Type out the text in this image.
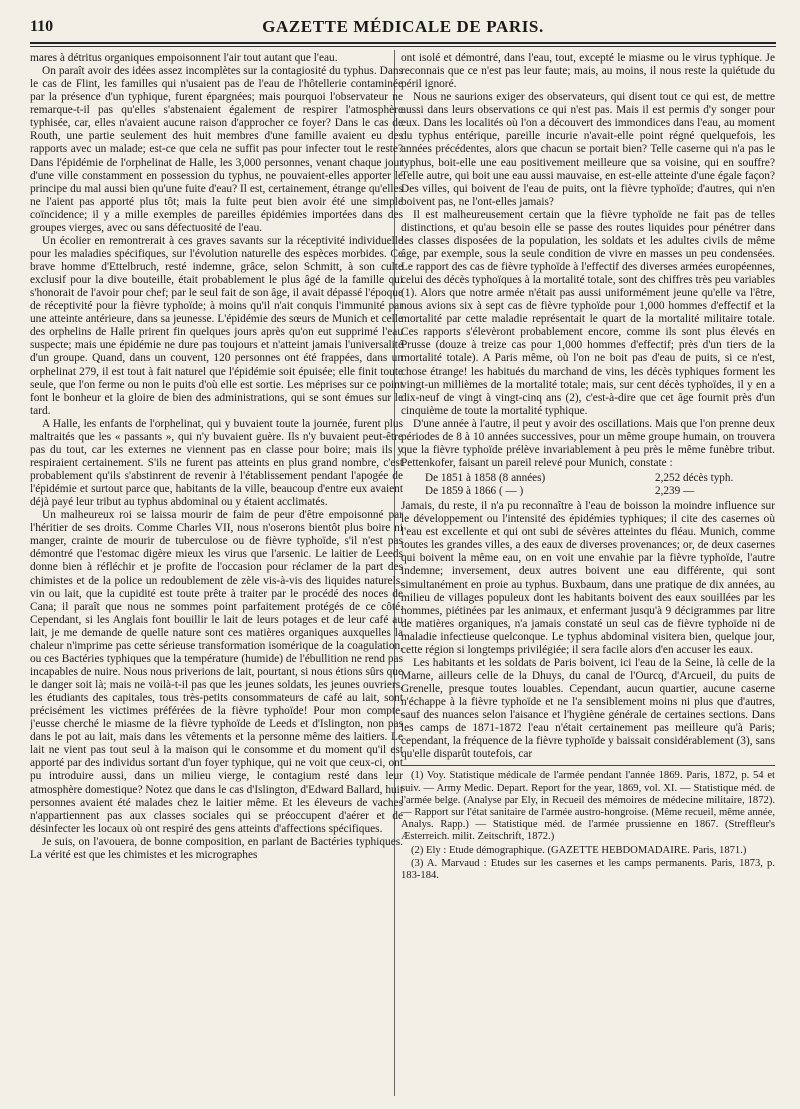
110	GAZETTE MÉDICALE DE PARIS.

mares à détritus organiques empoisonnent l'air tout autant que l'eau.

On paraît avoir des idées assez incomplètes sur la contagiosité du typhus. Dans le cas de Flint, les familles qui n'usaient pas de l'eau de l'hôtellerie contaminée par la présence d'un typhique, furent épargnées; mais pourquoi l'observateur ne remarque-t-il pas qu'elles s'abstenaient également de respirer l'atmosphère typhisée, car, elles n'avaient aucune raison d'approcher ce foyer? Dans le cas de Routh, une partie seulement des huit membres d'une famille avaient eu des rapports avec un malade; est-ce que cela ne suffit pas pour infecter tout le reste? Dans l'épidémie de l'orphelinat de Halle, les 3,000 personnes, venant chaque jour d'une ville constamment en possession du typhus, ne pouvaient-elles apporter le principe du mal aussi bien qu'une fuite d'eau? Il est, certainement, étrange qu'elles ne l'aient pas apporté plus tôt; mais la fuite peut bien avoir été une simple coïncidence; il y a mille exemples de pareilles épidémies importées dans des groupes vierges, avec ou sans défectuosité de l'eau.

Un écolier en remontrerait à ces graves savants sur la réceptivité individuelle pour les maladies spécifiques, sur l'évolution naturelle des espèces morbides. Ce brave homme d'Ettelbruch, resté indemne, grâce, selon Schmitt, à son culte exclusif pour la dive bouteille, était probablement le plus âgé de la famille qui s'honorait de l'avoir pour chef; par le seul fait de son âge, il avait dépassé l'époque de réceptivité pour la fièvre typhoïde; à moins qu'il n'ait conquis l'immunité par une atteinte antérieure, dans sa jeunesse. L'épidémie des sœurs de Munich et celle des orphelins de Halle prirent fin quelques jours après qu'on eut supprimé l'eau suspecte; mais une épidémie ne dure pas toujours et n'atteint jamais l'universalité d'un groupe. Quand, dans un couvent, 120 personnes ont été frappées, dans un orphelinat 279, il est tout à fait naturel que l'épidémie soit épuisée; elle finit toute seule, que l'on ferme ou non le puits d'où elle est sortie. Les méprises sur ce point font le bonheur et la gloire de bien des administrations, qui se sont émues sur le tard.

A Halle, les enfants de l'orphelinat, qui y buvaient toute la journée, furent plus maltraités que les « passants », qui n'y buvaient guère. Ils n'y buvaient peut-être pas du tout, car les externes ne viennent pas en classe pour boire; mais ils y respiraient certainement. S'ils ne furent pas atteints en plus grand nombre, c'est probablement qu'ils s'abstinrent de revenir à l'établissement pendant l'apogée de l'épidémie et surtout parce que, habitants de la ville, beaucoup d'entre eux avaient déjà payé leur tribut au typhus abdominal ou y étaient acclimatés.

Un malheureux roi se laissa mourir de faim de peur d'être empoisonné par l'héritier de ses droits. Comme Charles VII, nous n'oserons bientôt plus boire ni manger, crainte de mourir de tuberculose ou de fièvre typhoïde, s'il n'est pas démontré que l'estomac digère mieux les virus que l'arsenic. Le laitier de Leeds donne bien à réfléchir et je profite de l'occasion pour réclamer de la part des chimistes et de la police un redoublement de zèle vis-à-vis des liquides naturels, vin ou lait, que la cupidité est toute prête à traiter par le procédé des noces de Cana; il paraît que nous ne sommes point parfaitement protégés de ce côté. Cependant, si les Anglais font bouillir le lait de leurs potages et de leur café au lait, je me demande de quelle nature sont ces matières organiques auxquelles la chaleur n'imprime pas cette sérieuse transformation isomérique de la coagulation, ou ces Bactéries typhiques que la température (humide) de l'ébullition ne rend pas incapables de nuire. Nous nous priverions de lait, pourtant, si nous étions sûrs que le danger soit là; mais ne voilà-t-il pas que les jeunes soldats, les jeunes ouvriers, les étudiants des capitales, tous très-petits consommateurs de café au lait, sont précisément les victimes préférées de la fièvre typhoïde! Pour mon compte, j'eusse cherché le miasme de la fièvre typhoïde de Leeds et d'Islington, non pas dans le pot au lait, mais dans les vêtements et la personne même des laitiers. Le lait ne vient pas tout seul à la maison qui le consomme et du moment qu'il est apporté par des individus sortant d'un foyer typhique, qui ne voit que ceux-ci, ont pu introduire aussi, dans un milieu vierge, le contagium resté dans leur atmosphère domestique? Notez que dans le cas d'Islington, d'Edward Ballard, huit personnes avaient été malades chez le laitier même. Et les éleveurs de vaches n'appartiennent pas aux classes sociales qui se préoccupent d'aérer et de désinfecter les locaux où ont respiré des gens atteints d'affections spécifiques.

Je suis, on l'avouera, de bonne composition, en parlant de Bactéries typhiques. La vérité est que les chimistes et les micrographes

ont isolé et démontré, dans l'eau, tout, excepté le miasme ou le virus typhique. Je reconnais que ce n'est pas leur faute; mais, au moins, il nous reste la quiétude du péril ignoré.

Nous ne saurions exiger des observateurs, qui disent tout ce qui est, de mettre aussi dans leurs observations ce qui n'est pas. Mais il est permis d'y songer pour eux. Dans les localités où l'on a découvert des immondices dans l'eau, au moment du typhus entérique, pareille incurie n'avait-elle point régné quelquefois, les années précédentes, alors que chacun se portait bien? Telle caserne qui n'a pas le typhus, boit-elle une eau positivement meilleure que sa voisine, qui en souffre? Telle autre, qui boit une eau aussi mauvaise, en est-elle atteinte d'une égale façon? Des villes, qui boivent de l'eau de puits, ont la fièvre typhoïde; d'autres, qui n'en boivent pas, ne l'ont-elles jamais?

Il est malheureusement certain que la fièvre typhoïde ne fait pas de telles distinctions, et qu'au besoin elle se passe des routes liquides pour pénétrer dans les classes disposées de la population, les soldats et les adultes civils de même âge, par exemple, sous la seule condition de vivre en masses un peu condensées. Le rapport des cas de fièvre typhoïde à l'effectif des diverses armées européennes, celui des décès typhoïques à la mortalité totale, sont des chiffres très peu variables (1). Alors que notre armée n'était pas aussi uniformément jeune qu'elle va l'être, nous avions six à sept cas de fièvre typhoïde pour 1,000 hommes d'effectif et la mortalité par cette maladie représentait le quart de la mortalité militaire totale. Ces rapports s'élevèront probablement encore, comme ils sont plus élevés en Prusse (douze à treize cas pour 1,000 hommes d'effectif; près d'un tiers de la mortalité totale). A Paris même, où l'on ne boit pas d'eau de puits, si ce n'est, chose étrange! les habitués du marchand de vins, les décès typhiques forment les vingt-un millièmes de la mortalité totale; mais, sur cent décès typhoïdes, il y en a dix-neuf de vingt à vingt-cinq ans (2), c'est-à-dire que cet âge fournit près d'un cinquième de toute la mortalité typhique.

D'une année à l'autre, il peut y avoir des oscillations. Mais que l'on prenne deux périodes de 8 à 10 années successives, pour un même groupe humain, on trouvera que la fièvre typhoïde prélève invariablement à peu près le même funèbre tribut. Pettenkofer, faisant un pareil relevé pour Munich, constate :

De 1851 à 1858 (8 années)	2,252 décès typh.
De 1859 à 1866 ( — )	2,239 —

Jamais, du reste, il n'a pu reconnaître à l'eau de boisson la moindre influence sur le développement ou l'intensité des épidémies typhiques; il cite des casernes où l'eau est excellente et qui ont subi de sévères atteintes du fléau. Munich, comme toutes les grandes villes, a des eaux de diverses provenances; or, de deux casernes qui boivent la même eau, on en voit une envahie par la fièvre typhoïde, l'autre indemne; inversement, deux autres boivent une eau différente, qui sont simultanément en proie au typhus. Buxbaum, dans une pratique de dix années, au milieu de villages populeux dont les habitants boivent des eaux souillées par les hommes, piétinées par les animaux, et enfermant jusqu'à 9 décigrammes par litre de matières organiques, n'a jamais constaté un seul cas de fièvre typhoïde ni de maladie infectieuse quelconque. Le typhus abdominal visitera bien, quelque jour, cette région si longtemps privilégiée; il sera facile alors d'en accuser les eaux.

Les habitants et les soldats de Paris boivent, ici l'eau de la Seine, là celle de la Marne, ailleurs celle de la Dhuys, du canal de l'Ourcq, d'Arcueil, du puits de Grenelle, presque toutes louables. Cependant, aucun quartier, aucune caserne n'échappe à la fièvre typhoïde et ne l'a sensiblement moins ni plus que d'autres, sauf des nuances selon l'aisance et l'hygiène générale de certaines sections. Dans les camps de 1871-1872 l'eau n'était certainement pas meilleure qu'à Paris; cependant, la fréquence de la fièvre typhoïde y baissait considérablement (3), sans qu'elle disparût toutefois, car

(1) Voy. Statistique médicale de l'armée pendant l'année 1869. Paris, 1872, p. 54 et suiv. — Army Medic. Depart. Report for the year, 1869, vol. XI. — Statistique méd. de l'armée belge. (Analyse par Ely, in Recueil des mémoires de médecine militaire, 1872). — Rapport sur l'état sanitaire de l'armée austro-hongroise. (Même recueil, même année, Analys. Rapp.) — Statistique méd. de l'armée prussienne en 1867. (Streffleur's Æsterreich. milit. Zeitschrift, 1872.)

(2) Ely : Etude démographique. (GAZETTE HEBDOMADAIRE. Paris, 1871.)

(3) A. Marvaud : Etudes sur les casernes et les camps permanents. Paris, 1873, p. 183-184.
